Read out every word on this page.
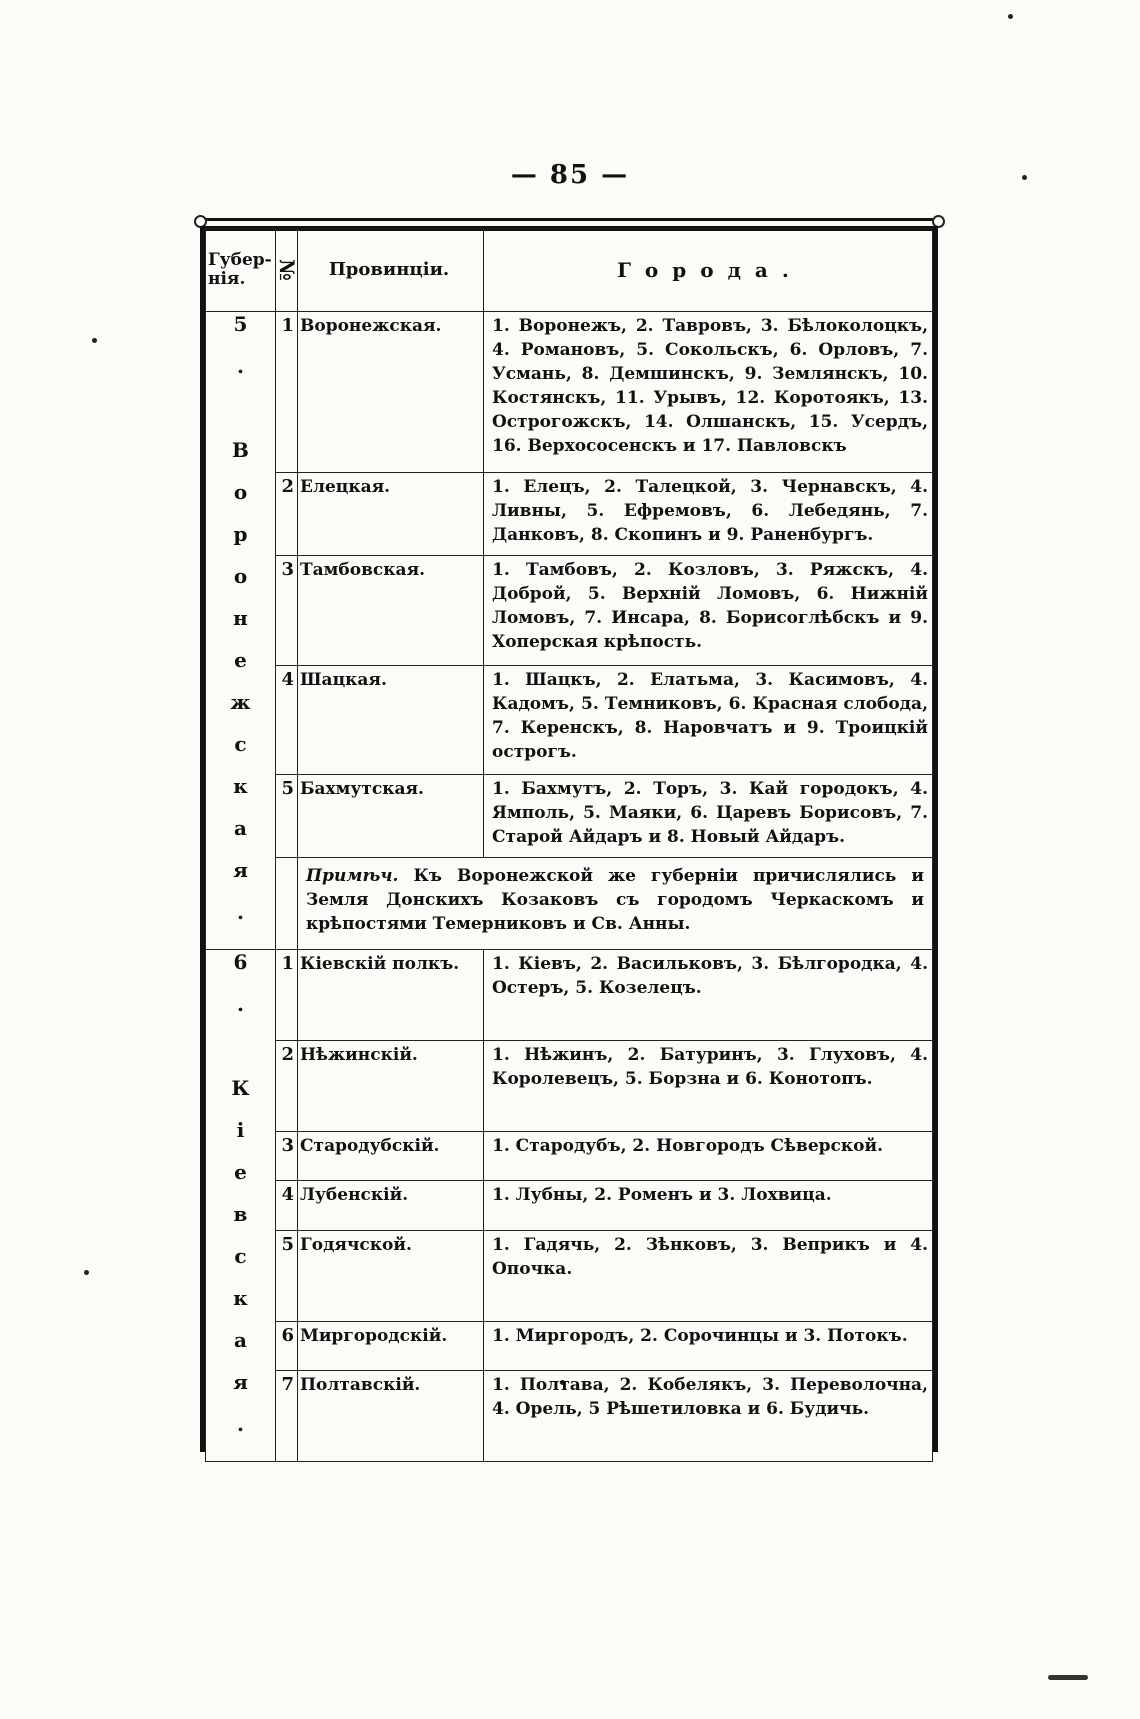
— 85 —
Губер-нія.	№	Провинціи.	Города.
5. Воронежская.	1	Воронежская.	1. Воронежъ, 2. Тавровъ, 3. Бѣлоколоцкъ, 4. Романовъ, 5. Сокольскъ, 6. Орловъ, 7. Усмань, 8. Демшинскъ, 9. Землянскъ, 10. Костянскъ, 11. Урывъ, 12. Коротоякъ, 13. Острогожскъ, 14. Олшанскъ, 15. Усердъ, 16. Верхососенскъ и 17. Павловскъ
	2	Елецкая.	1. Елецъ, 2. Талецкой, 3. Чернавскъ, 4. Ливны, 5. Ефремовъ, 6. Лебедянь, 7. Данковъ, 8. Скопинъ и 9. Раненбургъ.
	3	Тамбовская.	1. Тамбовъ, 2. Козловъ, 3. Ряжскъ, 4. Доброй, 5. Верхній Ломовъ, 6. Нижній Ломовъ, 7. Инсара, 8. Борисоглѣбскъ и 9. Хоперская крѣпость.
	4	Шацкая.	1. Шацкъ, 2. Елатьма, 3. Касимовъ, 4. Кадомъ, 5. Темниковъ, 6. Красная слобода, 7. Керенскъ, 8. Наровчатъ и 9. Троицкій острогъ.
	5	Бахмутская.	1. Бахмутъ, 2. Торъ, 3. Кай городокъ, 4. Ямполь, 5. Маяки, 6. Царевъ Борисовъ, 7. Старой Айдаръ и 8. Новый Айдаръ.
		Примѣч. Къ Воронежской же губерніи причислялись и Земля Донскихъ Козаковъ съ городомъ Черкаскомъ и крѣпостями Темерниковъ и Св. Анны.	
6. Кіевская.	1	Кіевскій полкъ.	1. Кіевъ, 2. Васильковъ, 3. Бѣлгородка, 4. Остеръ, 5. Козелецъ.
	2	Нѣжинскій.	1. Нѣжинъ, 2. Батуринъ, 3. Глуховъ, 4. Королевецъ, 5. Борзна и 6. Конотопъ.
	3	Стародубскій.	1. Стародубъ, 2. Новгородъ Сѣверской.
	4	Лубенскій.	1. Лубны, 2. Роменъ и 3. Лохвица.
	5	Годячской.	1. Гадячь, 2. Зѣнковъ, 3. Веприкъ и 4. Опочка.
	6	Миргородскій.	1. Миргородъ, 2. Сорочинцы и 3. Потокъ.
	7	Полтавскій.	1. Полтава, 2. Кобелякъ, 3. Переволочна, 4. Орель, 5 Рѣшетиловка и 6. Будичь.
